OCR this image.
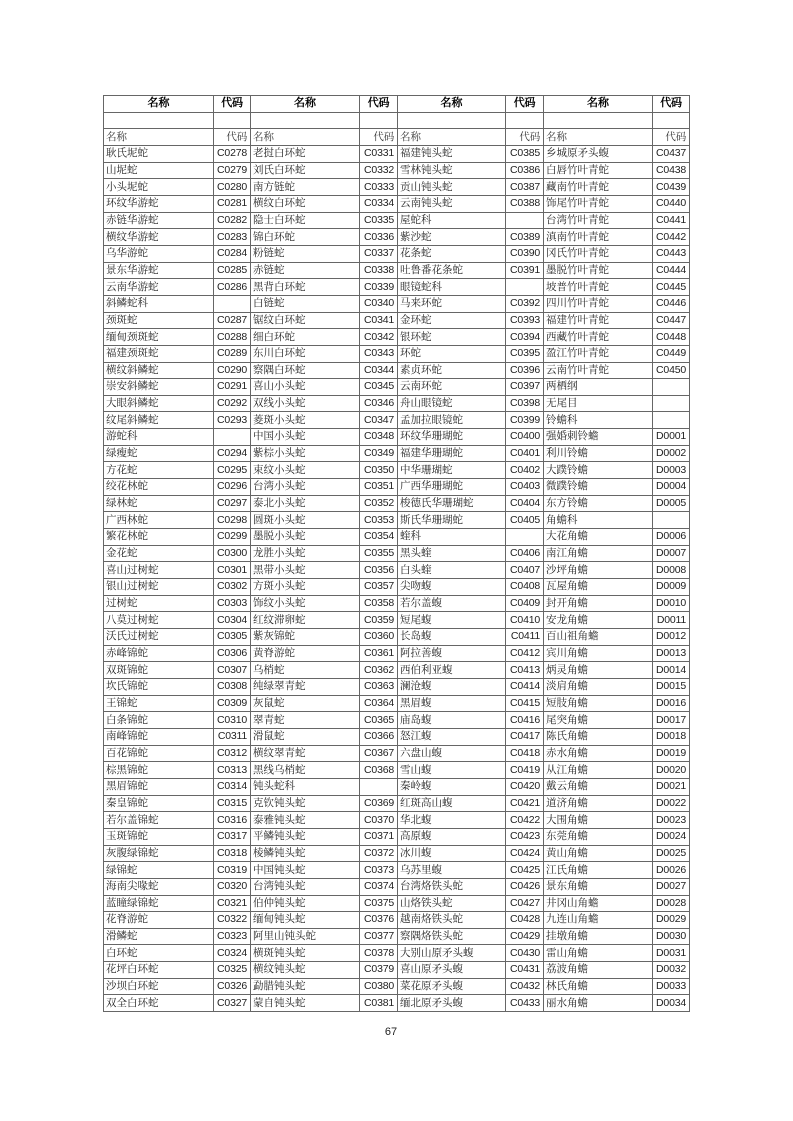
名称	代码	名称	代码	名称	代码	名称	代码

名称	代码	名称	代码	名称	代码	名称	代码
耿氏坭蛇	C0278	老挝白环蛇	C0331	福建钝头蛇	C0385	乡城原矛头蝮	C0437
山坭蛇	C0279	刘氏白环蛇	C0332	雪林钝头蛇	C0386	白唇竹叶青蛇	C0438
小头坭蛇	C0280	南方链蛇	C0333	贡山钝头蛇	C0387	藏南竹叶青蛇	C0439
环纹华游蛇	C0281	横纹白环蛇	C0334	云南钝头蛇	C0388	饰尾竹叶青蛇	C0440
赤链华游蛇	C0282	隐士白环蛇	C0335	屋蛇科		台湾竹叶青蛇	C0441
横纹华游蛇	C0283	锦白环蛇	C0336	紫沙蛇	C0389	滇南竹叶青蛇	C0442
乌华游蛇	C0284	粉链蛇	C0337	花条蛇	C0390	冈氏竹叶青蛇	C0443
景东华游蛇	C0285	赤链蛇	C0338	吐鲁番花条蛇	C0391	墨脱竹叶青蛇	C0444
云南华游蛇	C0286	黑背白环蛇	C0339	眼镜蛇科		坡普竹叶青蛇	C0445
斜鳞蛇科		白链蛇	C0340	马来环蛇	C0392	四川竹叶青蛇	C0446
颈斑蛇	C0287	锯纹白环蛇	C0341	金环蛇	C0393	福建竹叶青蛇	C0447
缅甸颈斑蛇	C0288	细白环蛇	C0342	银环蛇	C0394	西藏竹叶青蛇	C0448
福建颈斑蛇	C0289	东川白环蛇	C0343	环蛇	C0395	盈江竹叶青蛇	C0449
横纹斜鳞蛇	C0290	察隅白环蛇	C0344	素贞环蛇	C0396	云南竹叶青蛇	C0450
崇安斜鳞蛇	C0291	喜山小头蛇	C0345	云南环蛇	C0397	两栖纲	
大眼斜鳞蛇	C0292	双线小头蛇	C0346	舟山眼镜蛇	C0398	无尾目	
纹尾斜鳞蛇	C0293	菱斑小头蛇	C0347	孟加拉眼镜蛇	C0399	铃蟾科	
游蛇科		中国小头蛇	C0348	环纹华珊瑚蛇	C0400	强婚刺铃蟾	D0001
绿瘦蛇	C0294	紫棕小头蛇	C0349	福建华珊瑚蛇	C0401	利川铃蟾	D0002
方花蛇	C0295	束纹小头蛇	C0350	中华珊瑚蛇	C0402	大蹼铃蟾	D0003
绞花林蛇	C0296	台湾小头蛇	C0351	广西华珊瑚蛇	C0403	微蹼铃蟾	D0004
绿林蛇	C0297	泰北小头蛇	C0352	梭德氏华珊瑚蛇	C0404	东方铃蟾	D0005
广西林蛇	C0298	圆斑小头蛇	C0353	斯氏华珊瑚蛇	C0405	角蟾科	
繁花林蛇	C0299	墨脱小头蛇	C0354	蝰科		大花角蟾	D0006
金花蛇	C0300	龙胜小头蛇	C0355	黑头蝰	C0406	南江角蟾	D0007
喜山过树蛇	C0301	黑带小头蛇	C0356	白头蝰	C0407	沙坪角蟾	D0008
银山过树蛇	C0302	方斑小头蛇	C0357	尖吻蝮	C0408	瓦屋角蟾	D0009
过树蛇	C0303	饰纹小头蛇	C0358	若尔盖蝮	C0409	封开角蟾	D0010
八莫过树蛇	C0304	红纹滞卵蛇	C0359	短尾蝮	C0410	安龙角蟾	D0011
沃氏过树蛇	C0305	紫灰锦蛇	C0360	长岛蝮	C0411	百山祖角蟾	D0012
赤峰锦蛇	C0306	黄脊游蛇	C0361	阿拉善蝮	C0412	宾川角蟾	D0013
双斑锦蛇	C0307	乌梢蛇	C0362	西伯利亚蝮	C0413	炳灵角蟾	D0014
坎氏锦蛇	C0308	纯绿翠青蛇	C0363	澜沧蝮	C0414	淡肩角蟾	D0015
王锦蛇	C0309	灰鼠蛇	C0364	黑眉蝮	C0415	短肢角蟾	D0016
白条锦蛇	C0310	翠青蛇	C0365	庙岛蝮	C0416	尾突角蟾	D0017
南峰锦蛇	C0311	滑鼠蛇	C0366	怒江蝮	C0417	陈氏角蟾	D0018
百花锦蛇	C0312	横纹翠青蛇	C0367	六盘山蝮	C0418	赤水角蟾	D0019
棕黑锦蛇	C0313	黑线乌梢蛇	C0368	雪山蝮	C0419	从江角蟾	D0020
黑眉锦蛇	C0314	钝头蛇科		秦岭蝮	C0420	戴云角蟾	D0021
秦皇锦蛇	C0315	克钦钝头蛇	C0369	红斑高山蝮	C0421	道济角蟾	D0022
若尔盖锦蛇	C0316	泰雅钝头蛇	C0370	华北蝮	C0422	大围角蟾	D0023
玉斑锦蛇	C0317	平鳞钝头蛇	C0371	高原蝮	C0423	东莞角蟾	D0024
灰腹绿锦蛇	C0318	棱鳞钝头蛇	C0372	冰川蝮	C0424	黄山角蟾	D0025
绿锦蛇	C0319	中国钝头蛇	C0373	乌苏里蝮	C0425	江氏角蟾	D0026
海南尖喙蛇	C0320	台湾钝头蛇	C0374	台湾烙铁头蛇	C0426	景东角蟾	D0027
蓝瞳绿锦蛇	C0321	伯仲钝头蛇	C0375	山烙铁头蛇	C0427	井冈山角蟾	D0028
花脊游蛇	C0322	缅甸钝头蛇	C0376	越南烙铁头蛇	C0428	九连山角蟾	D0029
滑鳞蛇	C0323	阿里山钝头蛇	C0377	察隅烙铁头蛇	C0429	挂墩角蟾	D0030
白环蛇	C0324	横斑钝头蛇	C0378	大别山原矛头蝮	C0430	雷山角蟾	D0031
花坪白环蛇	C0325	横纹钝头蛇	C0379	喜山原矛头蝮	C0431	荔波角蟾	D0032
沙坝白环蛇	C0326	勐腊钝头蛇	C0380	菜花原矛头蝮	C0432	林氏角蟾	D0033
双全白环蛇	C0327	蒙自钝头蛇	C0381	缅北原矛头蝮	C0433	丽水角蟾	D0034
67
